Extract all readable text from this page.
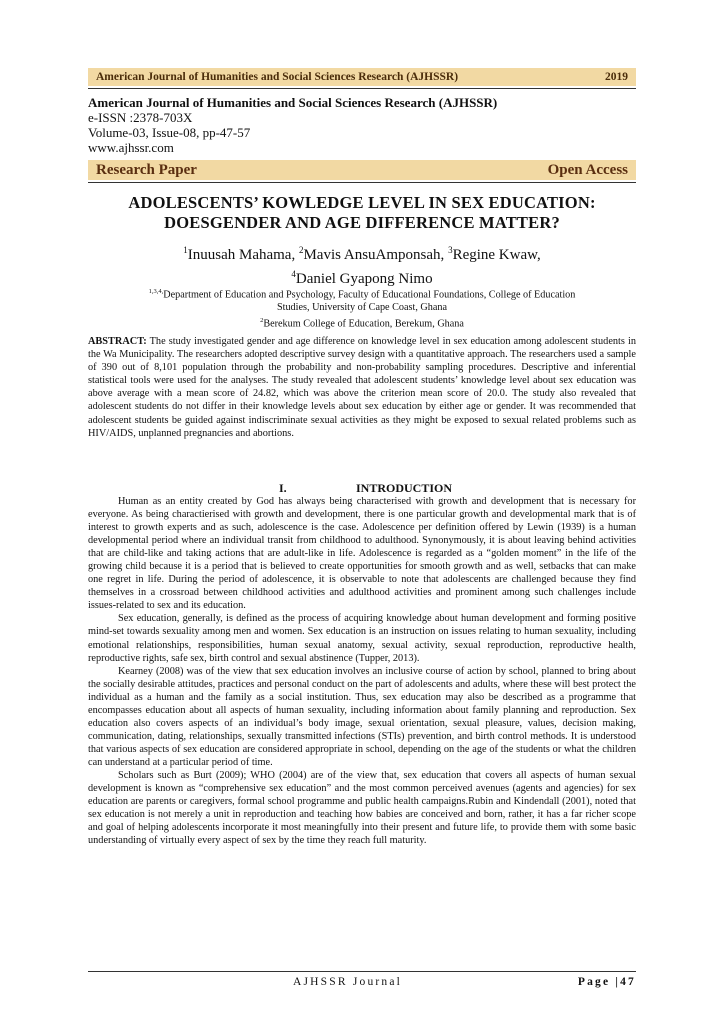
American Journal of Humanities and Social Sciences Research (AJHSSR)	2019
American Journal of Humanities and Social Sciences Research (AJHSSR)
e-ISSN :2378-703X
Volume-03, Issue-08, pp-47-57
www.ajhssr.com
Research Paper	Open Access
ADOLESCENTS’ KOWLEDGE LEVEL IN SEX EDUCATION:
DOESGENDER AND AGE DIFFERENCE MATTER?
$^1$Inuusah Mahama, $^2$Mavis AnsuAmponsah, $^3$Regine Kwaw,
$^4$Daniel Gyapong Nimo
$^{1,3,4,}$Department of Education and Psychology, Faculty of Educational Foundations, College of Education
Studies, University of Cape Coast, Ghana
$^2$Berekum College of Education, Berekum, Ghana
ABSTRACT: The study investigated gender and age difference on knowledge level in sex education among adolescent students in the Wa Municipality. The researchers adopted descriptive survey design with a quantitative approach. The researchers used a sample of 390 out of 8,101 population through the probability and non-probability sampling procedures. Descriptive and inferential statistical tools were used for the analyses. The study revealed that adolescent students’ knowledge level about sex education was above average with a mean score of 24.82, which was above the criterion mean score of 20.0. The study also revealed that adolescent students do not differ in their knowledge levels about sex education by either age or gender. It was recommended that adolescent students be guided against indiscriminate sexual activities as they might be exposed to sexual related problems such as HIV/AIDS, unplanned pregnancies and abortions.
I.	INTRODUCTION

Human as an entity created by God has always being characterised with growth and development that is necessary for everyone. As being charactierised with growth and development, there is one particular growth and developmental mark that is of interest to growth experts and as such, adolescence is the case. Adolescence per definition offered by Lewin (1939) is a human developmental period where an individual transit from childhood to adulthood. Synonymously, it is about leaving behind activities that are child-like and taking actions that are adult-like in life. Adolescence is regarded as a “golden moment” in the life of the growing child because it is a period that is believed to create opportunities for smooth growth and as well, setbacks that can make one regret in life. During the period of adolescence, it is observable to note that adolescents are challenged because they find themselves in a crossroad between childhood activities and adulthood activities and prominent among such challenges include issues-related to sex and its education.

Sex education, generally, is defined as the process of acquiring knowledge about human development and forming positive mind-set towards sexuality among men and women. Sex education is an instruction on issues relating to human sexuality, including emotional relationships, responsibilities, human sexual anatomy, sexual activity, sexual reproduction, reproductive health, reproductive rights, safe sex, birth control and sexual abstinence (Tupper, 2013).

Kearney (2008) was of the view that sex education involves an inclusive course of action by school, planned to bring about the socially desirable attitudes, practices and personal conduct on the part of adolescents and adults, where these will best protect the individual as a human and the family as a social institution. Thus, sex education may also be described as a programme that encompasses education about all aspects of human sexuality, including information about family planning and reproduction. Sex education also covers aspects of an individual’s body image, sexual orientation, sexual pleasure, values, decision making, communication, dating, relationships, sexually transmitted infections (STIs) prevention, and birth control methods. It is understood that various aspects of sex education are considered appropriate in school, depending on the age of the students or what the children can understand at a particular period of time.

Scholars such as Burt (2009); WHO (2004) are of the view that, sex education that covers all aspects of human sexual development is known as “comprehensive sex education” and the most common perceived avenues (agents and agencies) for sex education are parents or caregivers, formal school programme and public health campaigns.Rubin and Kindendall (2001), noted that sex education is not merely a unit in reproduction and teaching how babies are conceived and born, rather, it has a far richer scope and goal of helping adolescents incorporate it most meaningfully into their present and future life, to provide them with some basic understanding of virtually every aspect of sex by the time they reach full maturity.

AJHSSR Journal	Page |47
